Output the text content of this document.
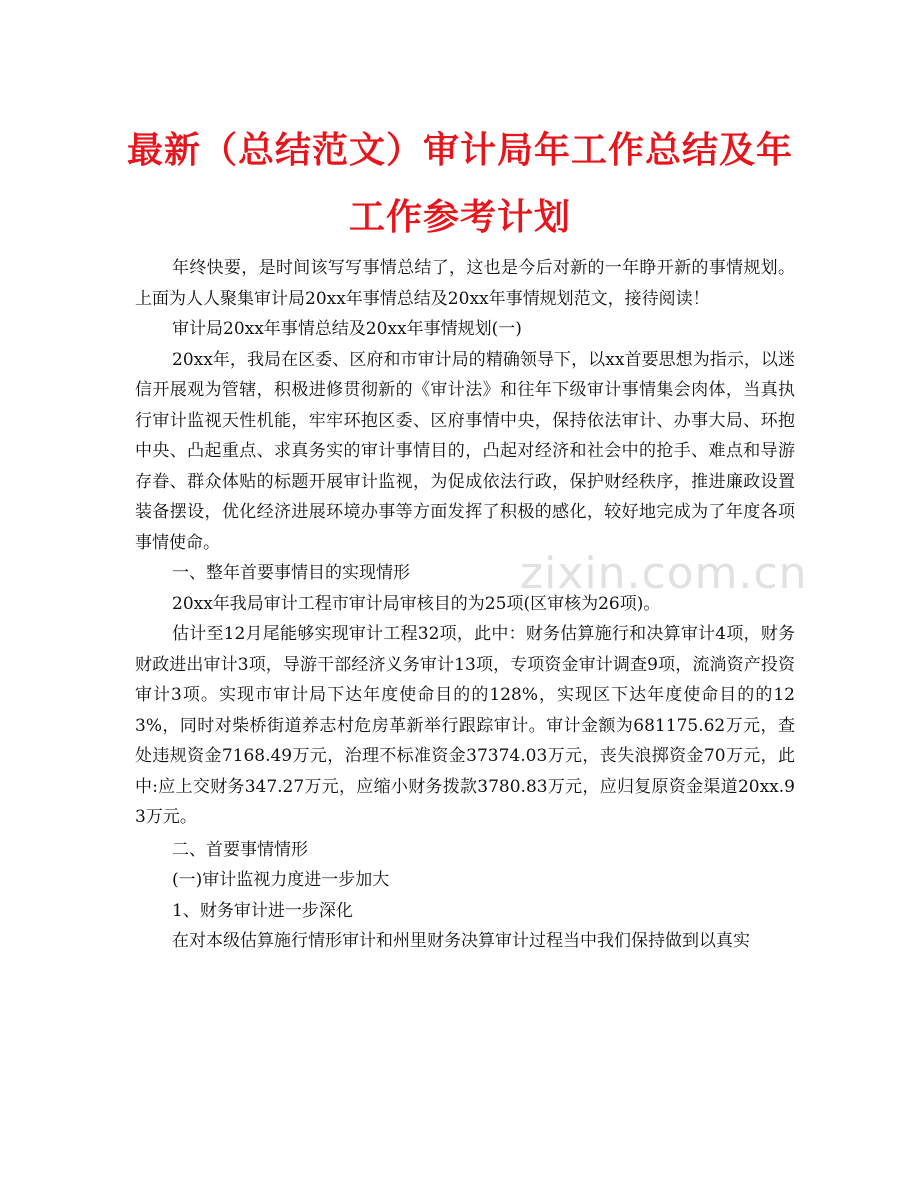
最新（总结范文）审计局年工作总结及年
工作参考计划

年终快要，是时间该写写事情总结了，这也是今后对新的一年睁开新的事情规划。上面为人人聚集审计局20xx年事情总结及20xx年事情规划范文，接待阅读！

审计局20xx年事情总结及20xx年事情规划(一)

20xx年，我局在区委、区府和市审计局的精确领导下，以xx首要思想为指示，以迷信开展观为管辖，积极进修贯彻新的《审计法》和往年下级审计事情集会肉体，当真执行审计监视天性机能，牢牢环抱区委、区府事情中央，保持依法审计、办事大局、环抱中央、凸起重点、求真务实的审计事情目的，凸起对经济和社会中的抢手、难点和导游存眷、群众体贴的标题开展审计监视，为促成依法行政，保护财经秩序，推进廉政设置装备摆设，优化经济进展环境办事等方面发挥了积极的感化，较好地完成为了年度各项事情使命。

一、整年首要事情目的实现情形

20xx年我局审计工程市审计局审核目的为25项(区审核为26项)。

估计至12月尾能够实现审计工程32项，此中：财务估算施行和决算审计4项，财务财政进出审计3项，导游干部经济义务审计13项，专项资金审计调查9项，流淌资产投资审计3项。实现市审计局下达年度使命目的的128%，实现区下达年度使命目的的123%，同时对柴桥街道养志村危房革新举行跟踪审计。审计金额为681175.62万元，查处违规资金7168.49万元，治理不标准资金37374.03万元，丧失浪掷资金70万元，此中:应上交财务347.27万元，应缩小财务拨款3780.83万元，应归复原资金渠道20xx.93万元。

二、首要事情情形

(一)审计监视力度进一步加大

1、财务审计进一步深化

在对本级估算施行情形审计和州里财务决算审计过程当中我们保持做到以真实

zixin.com.cn
